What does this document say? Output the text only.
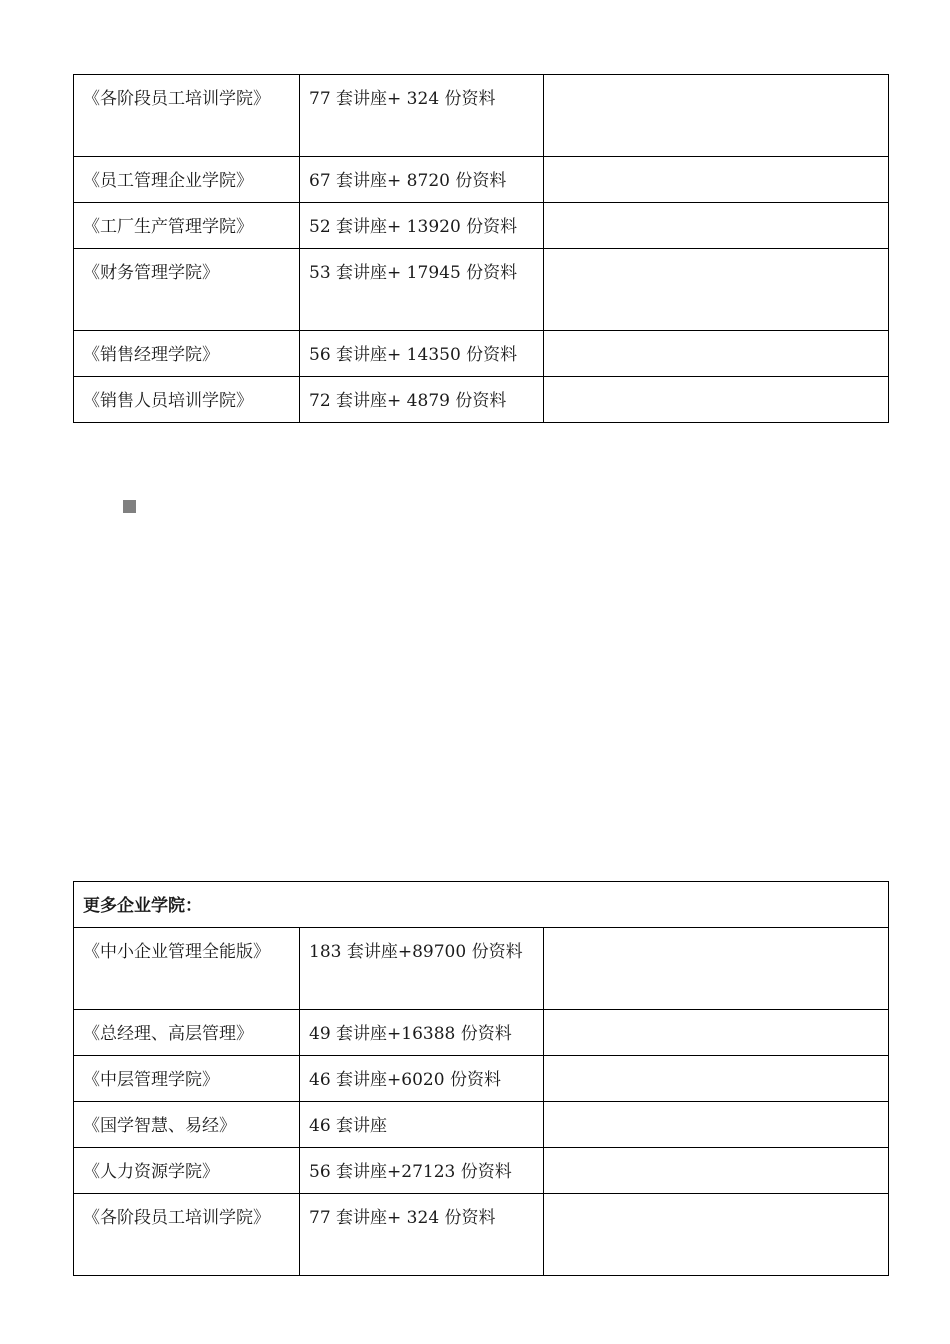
《各阶段员工培训学院》	77 套讲座+ 324 份资料	
《员工管理企业学院》	67 套讲座+ 8720 份资料	
《工厂生产管理学院》	52 套讲座+ 13920 份资料	
《财务管理学院》	53 套讲座+ 17945 份资料	
《销售经理学院》	56 套讲座+ 14350 份资料	
《销售人员培训学院》	72 套讲座+ 4879 份资料	
更多企业学院：		
《中小企业管理全能版》	183 套讲座+89700 份资料	
《总经理、高层管理》	49 套讲座+16388 份资料	
《中层管理学院》	46 套讲座+6020 份资料	
《国学智慧、易经》	46 套讲座	
《人力资源学院》	56 套讲座+27123 份资料	
《各阶段员工培训学院》	77 套讲座+ 324 份资料	
